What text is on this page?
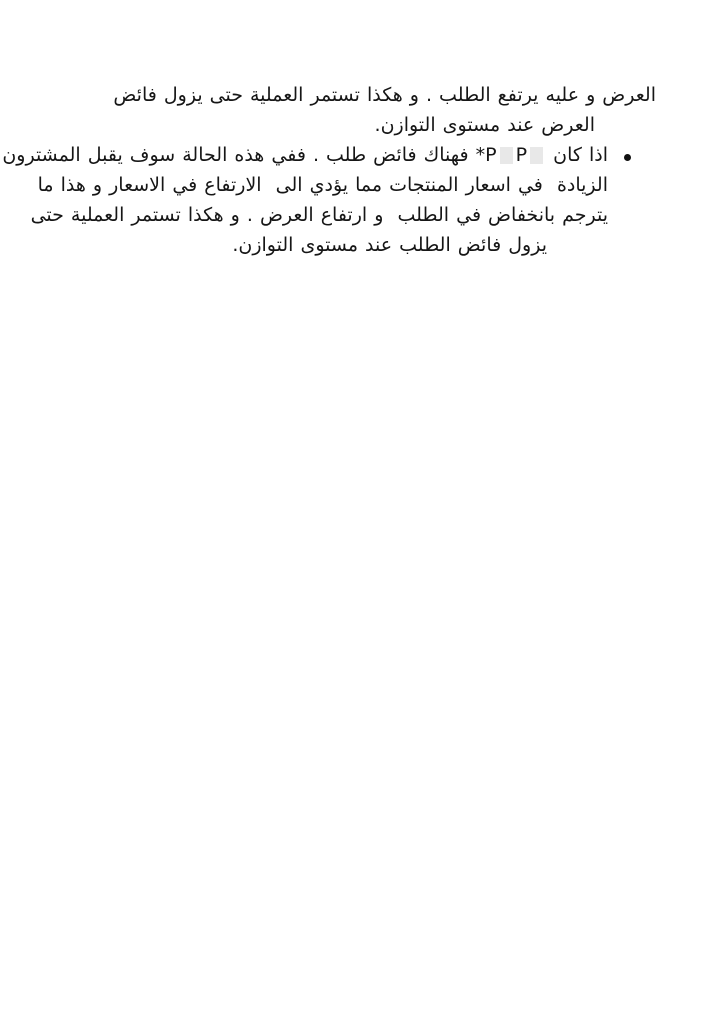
العرض و عليه يرتفع الطلب . و هكذا تستمر العملية حتى يزول فائض
العرض عند مستوى التوازن.
اذا كان PP* فهناك فائض طلب . ففي هذه الحالة سوف يقبل المشترون
الزيادة  في اسعار المنتجات مما يؤدي الى  الارتفاع في الاسعار و هذا ما
يترجم بانخفاض في الطلب  و ارتفاع العرض . و هكذا تستمر العملية حتى
يزول فائض الطلب عند مستوى التوازن.
